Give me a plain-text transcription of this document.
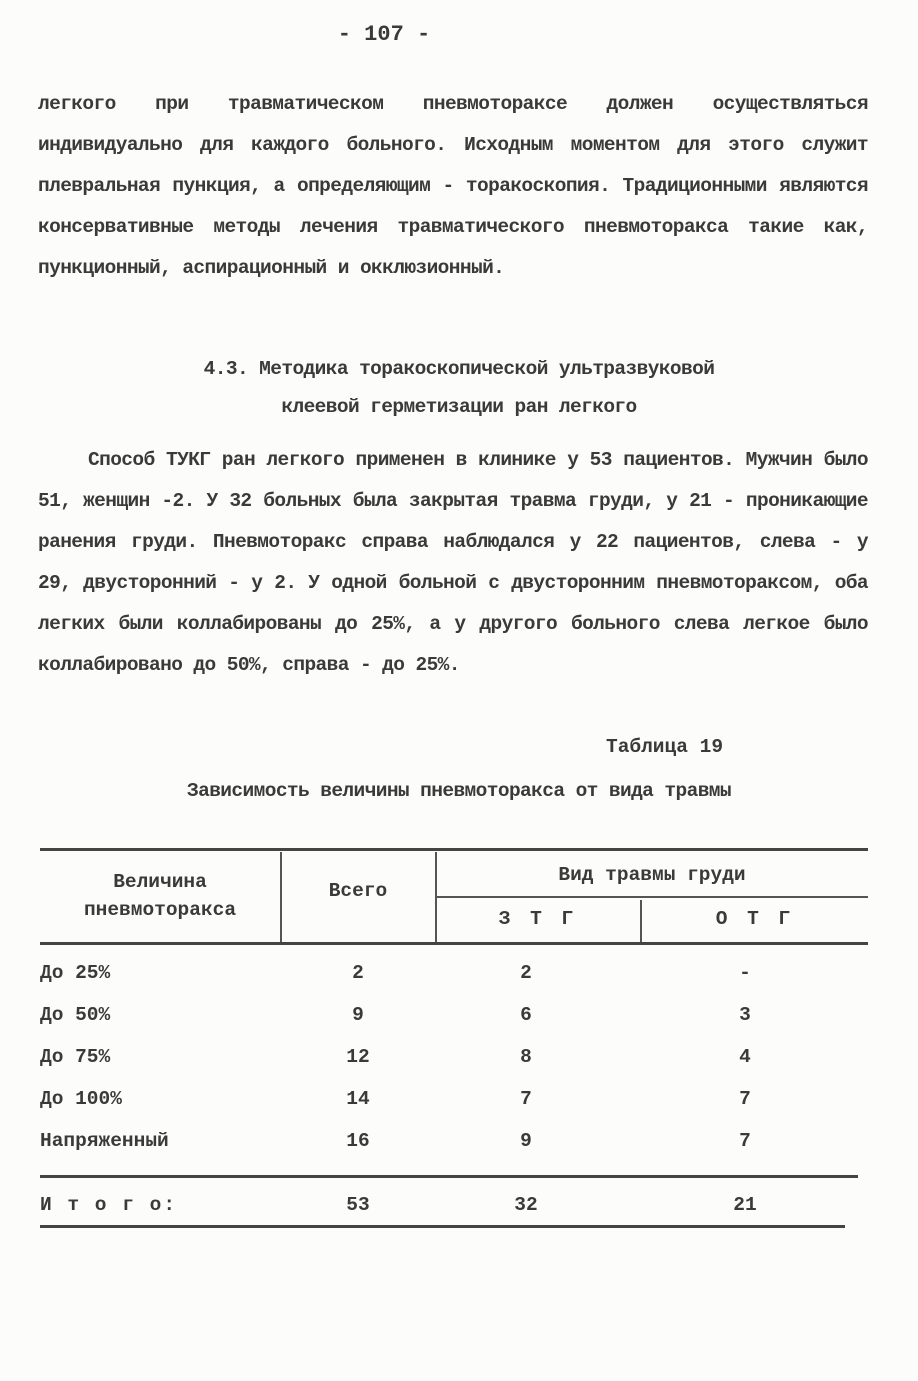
- 107 -

легкого при травматическом пневмотораксе должен осуществляться индивидуально для каждого больного. Исходным моментом для этого служит плевральная пункция, а определяющим - торакоскопия. Традиционными являются консервативные методы лечения травматического пневмоторакса такие как, пункционный, аспирационный и окклюзионный.

4.3. Методика торакоскопической ультразвуковой
клеевой герметизации ран легкого

Способ ТУКГ ран легкого применен в клинике у 53 пациентов. Мужчин было 51, женщин -2. У 32 больных была закрытая травма груди, у 21 - проникающие ранения груди. Пневмоторакс справа наблюдался у 22 пациентов, слева - у 29, двусторонний - у 2. У одной больной с двусторонним пневмотораксом, оба легких были коллабированы до 25%, а у другого больного слева легкое было коллабировано до 50%, справа - до 25%.

Таблица 19
Зависимость величины пневмоторакса от вида травмы
Величина пневмоторакса
Всего
Вид травмы груди
З Т Г	О Т Г
До 25%	2	2	-
До 50%	9	6	3
До 75%	12	8	4
До 100%	14	7	7
Напряженный	16	9	7
И т о г о:	53	32	21
